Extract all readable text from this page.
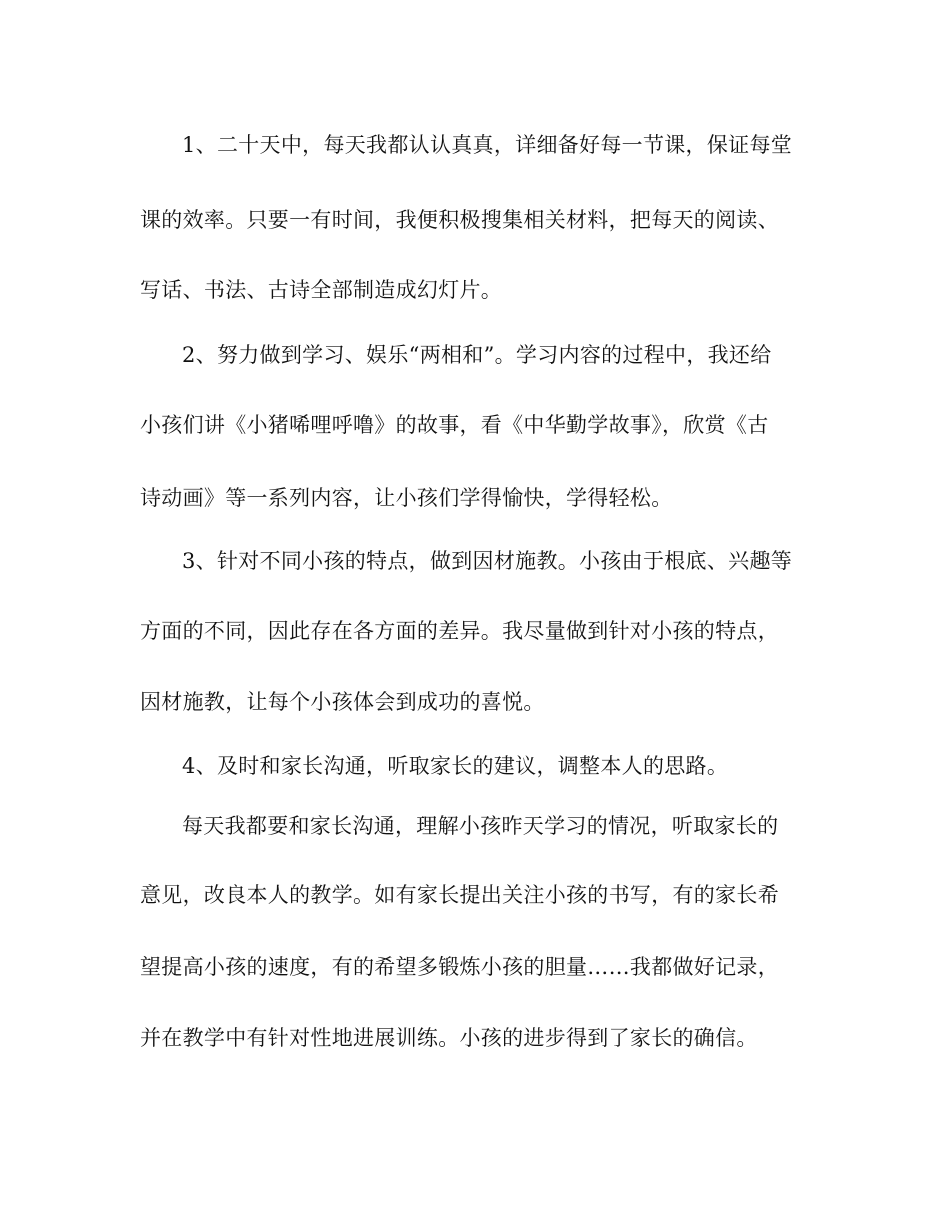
1、二十天中，每天我都认认真真，详细备好每一节课，保证每堂
课的效率。只要一有时间，我便积极搜集相关材料，把每天的阅读、
写话、书法、古诗全部制造成幻灯片。
2、努力做到学习、娱乐“两相和”。学习内容的过程中，我还给
小孩们讲《小猪唏哩呼噜》的故事，看《中华勤学故事》，欣赏《古
诗动画》等一系列内容，让小孩们学得愉快，学得轻松。
3、针对不同小孩的特点，做到因材施教。小孩由于根底、兴趣等
方面的不同，因此存在各方面的差异。我尽量做到针对小孩的特点，
因材施教，让每个小孩体会到成功的喜悦。
4、及时和家长沟通，听取家长的建议，调整本人的思路。
每天我都要和家长沟通，理解小孩昨天学习的情况，听取家长的
意见，改良本人的教学。如有家长提出关注小孩的书写，有的家长希
望提高小孩的速度，有的希望多锻炼小孩的胆量……我都做好记录，
并在教学中有针对性地进展训练。小孩的进步得到了家长的确信。
